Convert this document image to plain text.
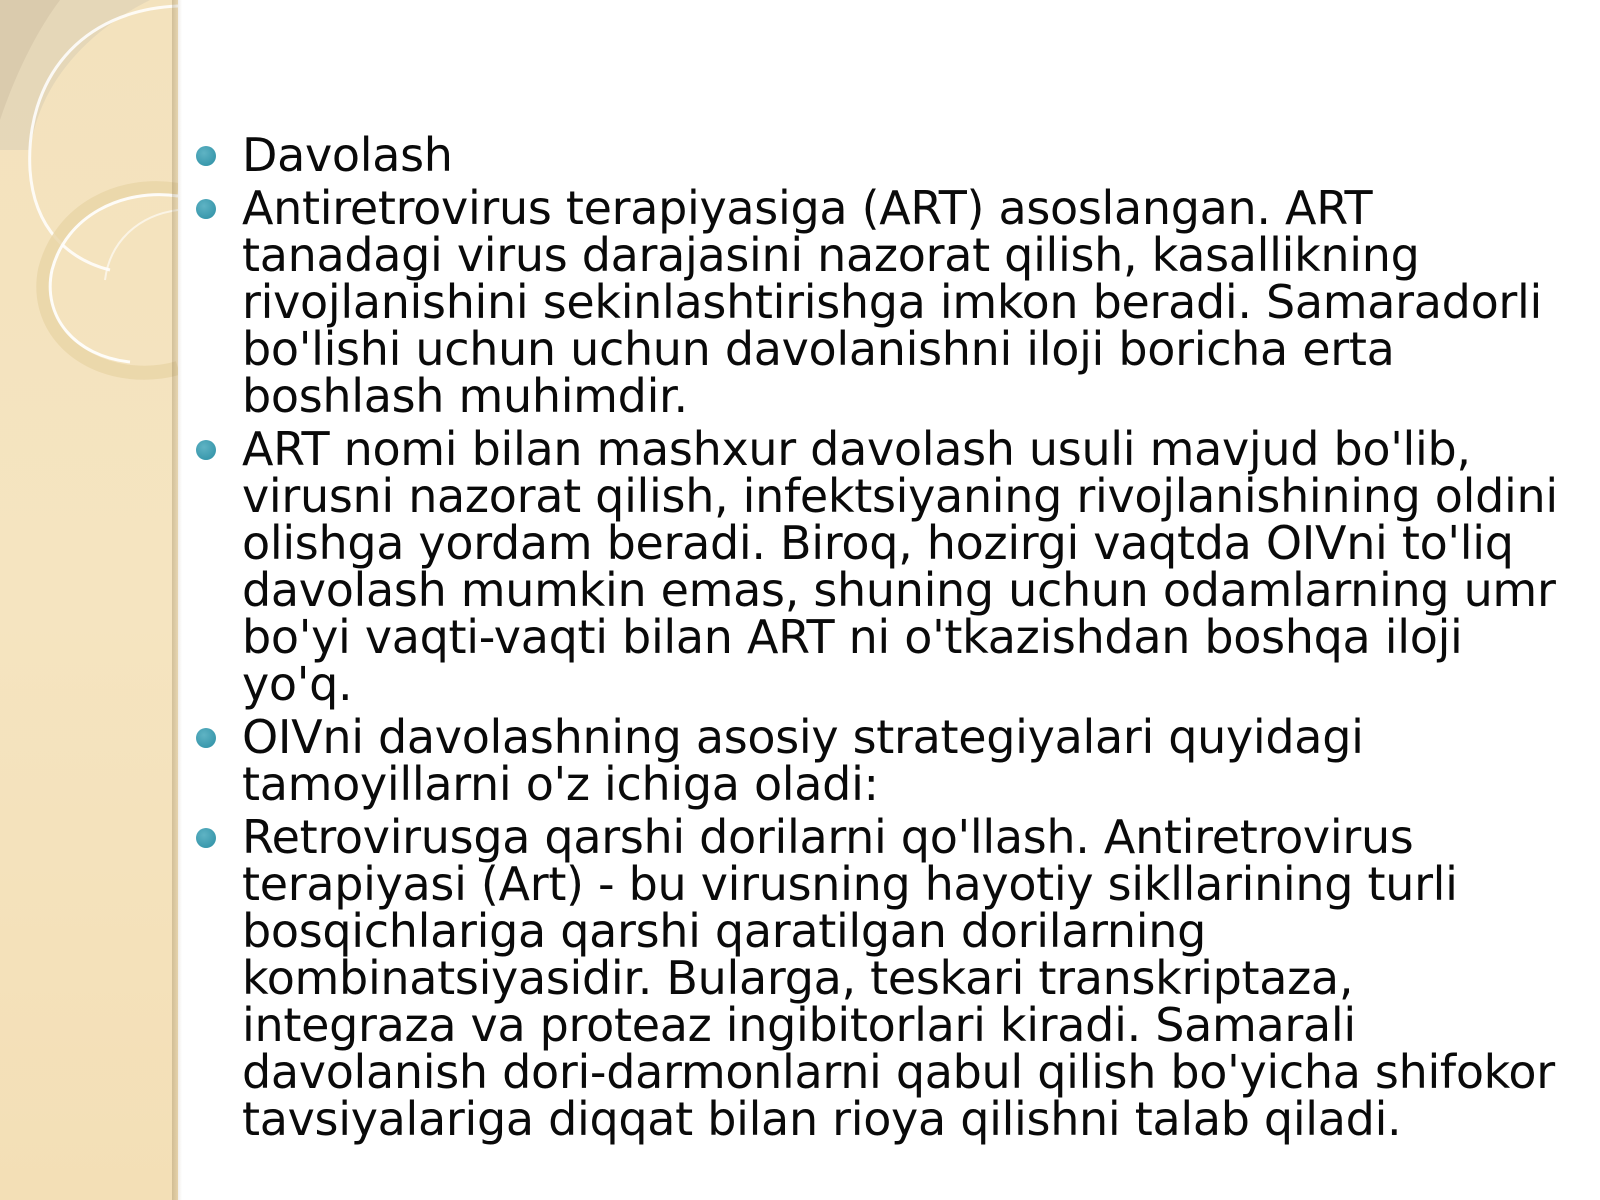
Davolash
Antiretrovirus terapiyasiga (ART) asoslangan. ART tanadagi virus darajasini nazorat qilish, kasallikning rivojlanishini sekinlashtirishga imkon beradi. Samaradorli bo'lishi uchun uchun davolanishni iloji boricha erta boshlash muhimdir.
ART nomi bilan mashxur davolash usuli mavjud bo'lib, virusni nazorat qilish, infektsiyaning rivojlanishining oldini olishga yordam beradi. Biroq, hozirgi vaqtda OIVni to'liq davolash mumkin emas, shuning uchun odamlarning umr bo'yi vaqti-vaqti bilan ART ni o'tkazishdan boshqa iloji yo'q.
OIVni davolashning asosiy strategiyalari quyidagi tamoyillarni o'z ichiga oladi:
Retrovirusga qarshi dorilarni qo'llash. Antiretrovirus terapiyasi (Art) - bu virusning hayotiy sikllarining turli bosqichlariga qarshi qaratilgan dorilarning kombinatsiyasidir. Bularga, teskari transkriptaza, integraza va proteaz ingibitorlari kiradi. Samarali davolanish dori-darmonlarni qabul qilish bo'yicha shifokor tavsiyalariga diqqat bilan rioya qilishni talab qiladi.
